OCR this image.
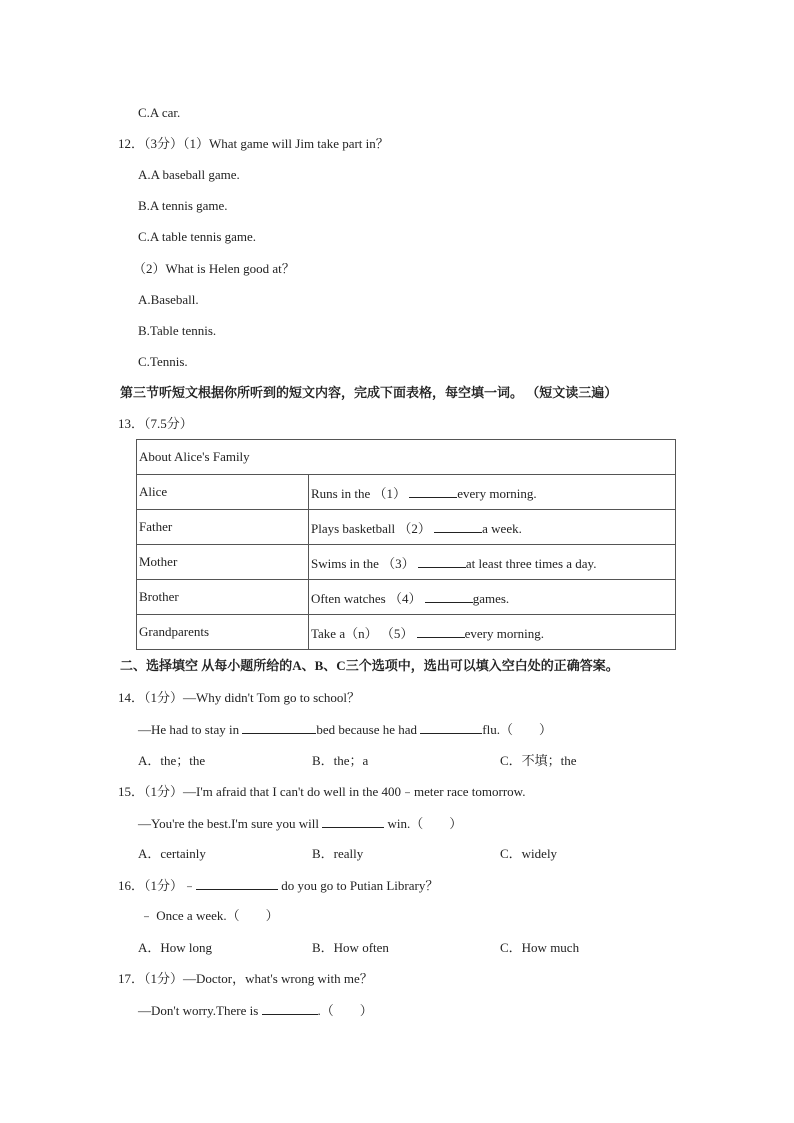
C.A car.
12．（3分）（1）What game will Jim take part in？
A.A baseball game.
B.A tennis game.
C.A table tennis game.
（2）What is Helen good at？
A.Baseball.
B.Table tennis.
C.Tennis.
第三节听短文根据你所听到的短文内容，完成下面表格，每空填一词。 （短文读三遍）
13．（7.5分）
About Alice's Family	
Alice	Runs in the （1） every morning.
Father	Plays basketball （2） a week.
Mother	Swims in the （3） at least three times a day.
Brother	Often watches （4） games.
Grandparents	Take a（n） （5） every morning.
二、选择填空 从每小题所给的A、B、C三个选项中，选出可以填入空白处的正确答案。
14．（1分）—Why didn't Tom go to school？
—He had to stay in	bed because he had	flu.（　　）
A．the；the	B．the；a	C．不填；the
15．（1分）—I'm afraid that I can't do well in the 400﹣meter race tomorrow.
—You're the best.I'm sure you will	win.（　　）
A．certainly	B．really	C．widely
16．（1分）﹣	do you go to Putian Library？
﹣ Once a week.（　　）
A．How long	B．How often	C．How much
17．（1分）—Doctor，what's wrong with me？
—Don't worry.There is	.（　　）
